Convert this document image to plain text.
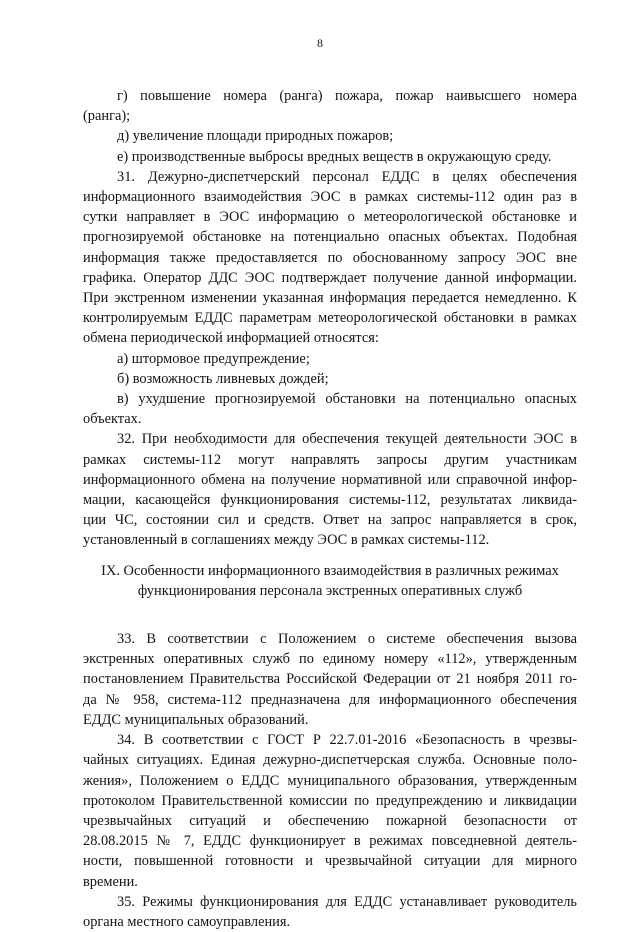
8
г) повышение номера (ранга) пожара, пожар наивысшего номера
(ранга);
д) увеличение площади природных пожаров;
е) производственные выбросы вредных веществ в окружающую среду.
31. Дежурно-диспетчерский персонал ЕДДС в целях обеспечения
информационного взаимодействия ЭОС в рамках системы-112 один раз в
сутки направляет в ЭОС информацию о метеорологической обстановке и
прогнозируемой обстановке на потенциально опасных объектах. Подобная
информация также предоставляется по обоснованному запросу ЭОС вне
графика. Оператор ДДС ЭОС подтверждает получение данной информации.
При экстренном изменении указанная информация передается немедленно. К
контролируемым ЕДДС параметрам метеорологической обстановки в рамках
обмена периодической информацией относятся:
а) штормовое предупреждение;
б) возможность ливневых дождей;
в) ухудшение прогнозируемой обстановки на потенциально опасных
объектах.
32. При необходимости для обеспечения текущей деятельности ЭОС в
рамках системы-112 могут направлять запросы другим участникам
информационного обмена на получение нормативной или справочной инфор-
мации, касающейся функционирования системы-112, результатах ликвида-
ции ЧС, состоянии сил и средств. Ответ на запрос направляется в срок,
установленный в соглашениях между ЭОС в рамках системы-112.
IX. Особенности информационного взаимодействия в различных режимах
функционирования персонала экстренных оперативных служб
33. В соответствии с Положением о системе обеспечения вызова
экстренных оперативных служб по единому номеру «112», утвержденным
постановлением Правительства Российской Федерации от 21 ноября 2011 го-
да № 958, система-112 предназначена для информационного обеспечения
ЕДДС муниципальных образований.
34. В соответствии с ГОСТ Р 22.7.01-2016 «Безопасность в чрезвы-
чайных ситуациях. Единая дежурно-диспетчерская служба. Основные поло-
жения», Положением о ЕДДС муниципального образования, утвержденным
протоколом Правительственной комиссии по предупреждению и ликвидации
чрезвычайных ситуаций и обеспечению пожарной безопасности от
28.08.2015 № 7, ЕДДС функционирует в режимах повседневной деятель-
ности, повышенной готовности и чрезвычайной ситуации для мирного
времени.
35. Режимы функционирования для ЕДДС устанавливает руководитель
органа местного самоуправления.
